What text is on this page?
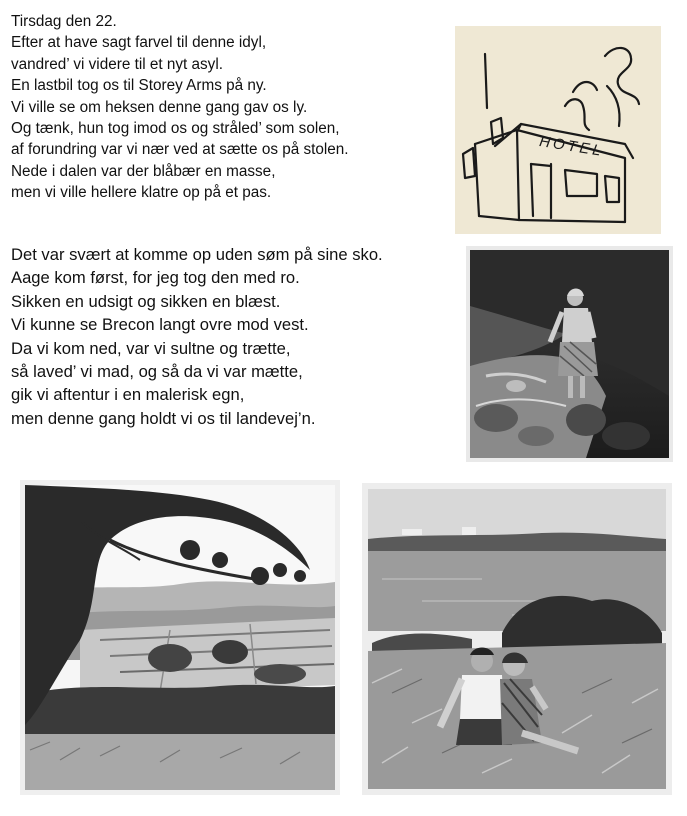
Tirsdag den 22.
Efter at have sagt farvel til denne idyl,
vandred’ vi videre til et nyt asyl.
En lastbil tog os til Storey Arms på ny.
Vi ville se om heksen denne gang gav os ly.
Og tænk, hun tog imod os og stråled’ som solen,
af forundring var vi nær ved at sætte os på stolen.
Nede i dalen var der blåbær en masse,
men vi ville hellere klatre op på et pas.
Det var svært at komme op uden søm på sine sko.
Aage kom først, for jeg tog den med ro.
Sikken en udsigt og sikken en blæst.
Vi kunne se Brecon langt ovre mod vest.
Da vi kom ned, var vi sultne og trætte,
så laved’ vi mad, og så da vi var mætte,
gik vi aftentur i en malerisk egn,
men denne gang holdt vi os til landevej’n.
HOTEL
